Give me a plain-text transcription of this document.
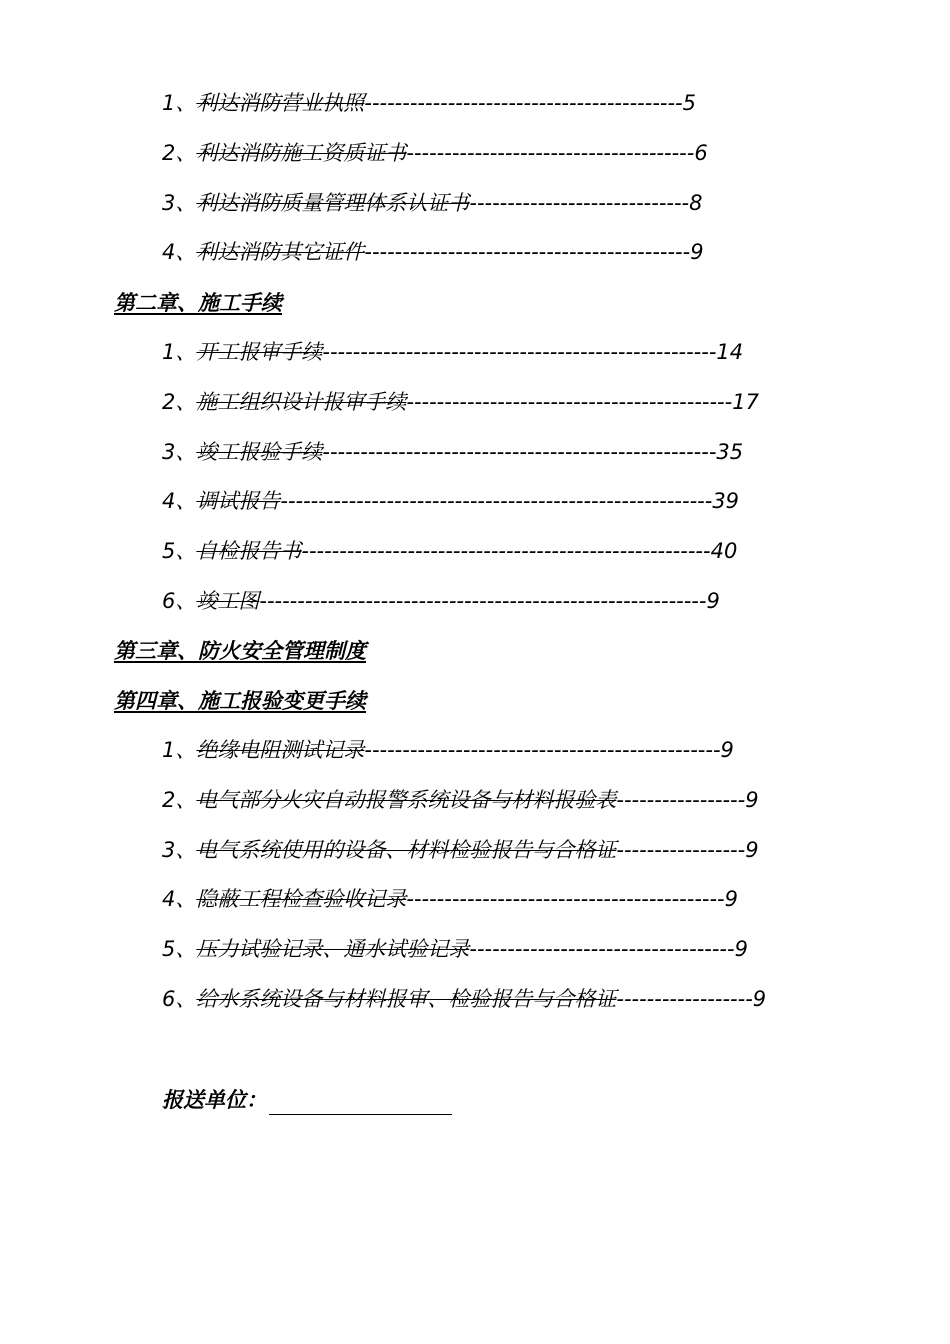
1、利达消防营业执照------------------------------------------5
2、利达消防施工资质证书--------------------------------------6
3、利达消防质量管理体系认证书-----------------------------8
4、利达消防其它证件-------------------------------------------9
第二章、施工手续
1、开工报审手续----------------------------------------------------14
2、施工组织设计报审手续-------------------------------------------17
3、竣工报验手续----------------------------------------------------35
4、调试报告---------------------------------------------------------39
5、自检报告书------------------------------------------------------40
6、竣工图-----------------------------------------------------------9
第三章、防火安全管理制度
第四章、施工报验变更手续
1、绝缘电阻测试记录-----------------------------------------------9
2、电气部分火灾自动报警系统设备与材料报验表-----------------9
3、电气系统使用的设备、材料检验报告与合格证-----------------9
4、隐蔽工程检查验收记录------------------------------------------9
5、压力试验记录、通水试验记录-----------------------------------9
6、给水系统设备与材料报审、检验报告与合格证------------------9
报送单位：
